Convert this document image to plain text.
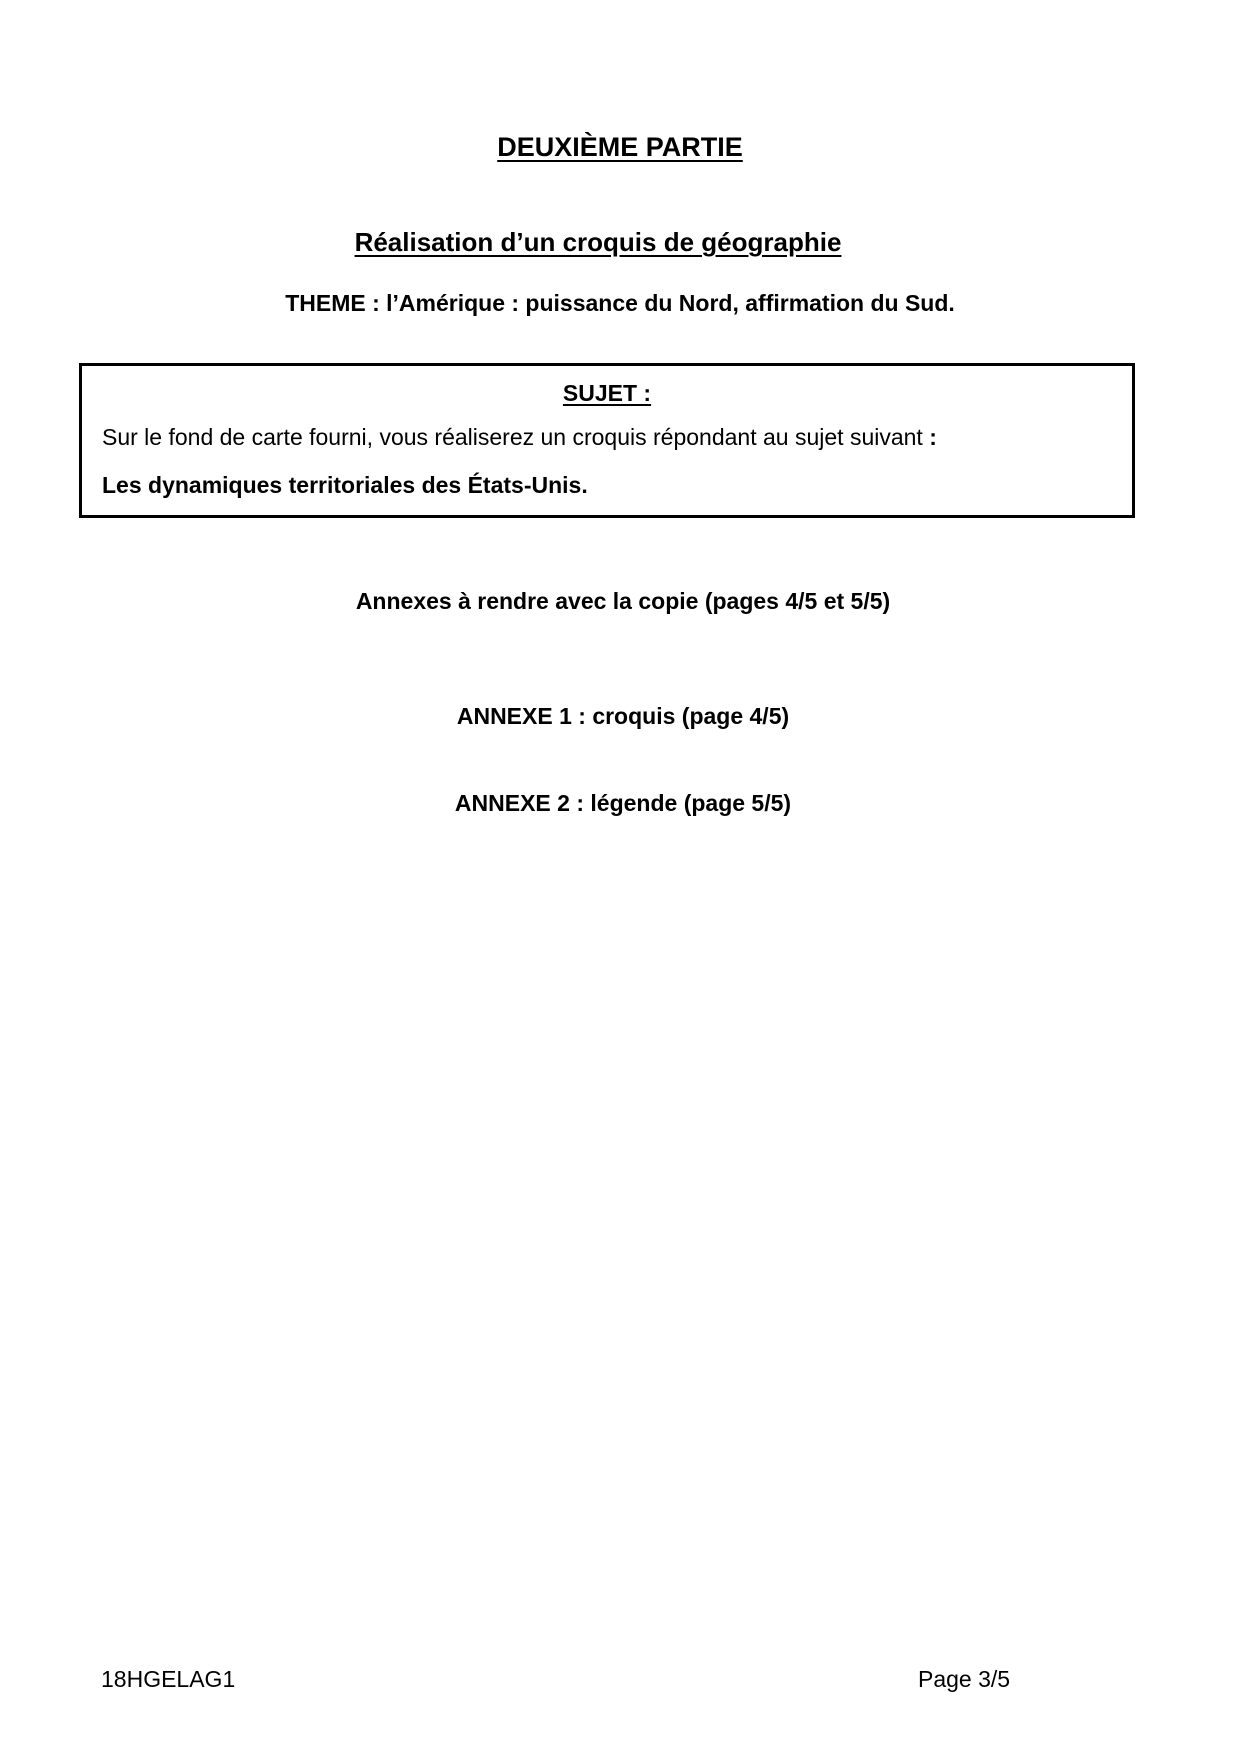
DEUXIÈME PARTIE
Réalisation d’un croquis de géographie
THEME : l’Amérique : puissance du Nord, affirmation du Sud.
SUJET :
Sur le fond de carte fourni, vous réaliserez un croquis répondant au sujet suivant :
Les dynamiques territoriales des États-Unis.
Annexes à rendre avec la copie (pages 4/5 et 5/5)
ANNEXE 1 : croquis (page 4/5)
ANNEXE 2 : légende (page 5/5)
18HGELAG1	Page 3/5
